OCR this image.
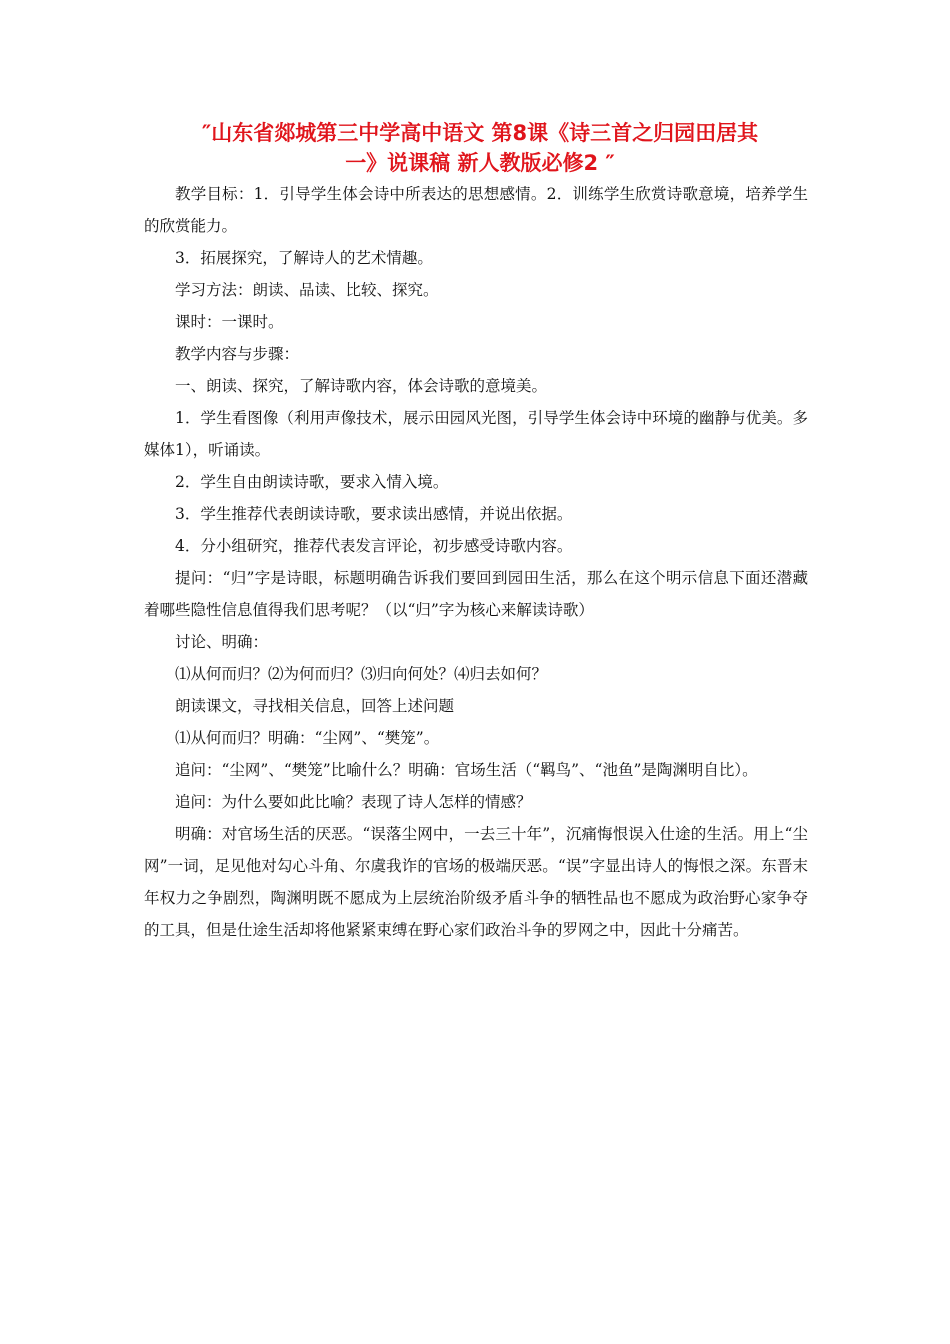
″山东省郯城第三中学高中语文 第8课《诗三首之归园田居其
一》说课稿 新人教版必修2 ″

教学目标：1．引导学生体会诗中所表达的思想感情。2．训练学生欣赏诗歌意境，培养学生的欣赏能力。

3．拓展探究，了解诗人的艺术情趣。

学习方法：朗读、品读、比较、探究。

课时：一课时。

教学内容与步骤：

一、朗读、探究，了解诗歌内容，体会诗歌的意境美。

1．学生看图像（利用声像技术，展示田园风光图，引导学生体会诗中环境的幽静与优美。多媒体1），听诵读。

2．学生自由朗读诗歌，要求入情入境。

3．学生推荐代表朗读诗歌，要求读出感情，并说出依据。

4．分小组研究，推荐代表发言评论，初步感受诗歌内容。

提问：“归”字是诗眼，标题明确告诉我们要回到园田生活，那么在这个明示信息下面还潜藏着哪些隐性信息值得我们思考呢？（以“归”字为核心来解读诗歌）

讨论、明确：

⑴从何而归？⑵为何而归？⑶归向何处？⑷归去如何？

朗读课文，寻找相关信息，回答上述问题

⑴从何而归？明确：“尘网”、“樊笼”。

追问：“尘网”、“樊笼”比喻什么？明确：官场生活（“羁鸟”、“池鱼”是陶渊明自比）。

追问：为什么要如此比喻？表现了诗人怎样的情感？

明确：对官场生活的厌恶。“误落尘网中，一去三十年”，沉痛悔恨误入仕途的生活。用上“尘网”一词，足见他对勾心斗角、尔虞我诈的官场的极端厌恶。“误”字显出诗人的悔恨之深。东晋末年权力之争剧烈，陶渊明既不愿成为上层统治阶级矛盾斗争的牺牲品也不愿成为政治野心家争夺的工具，但是仕途生活却将他紧紧束缚在野心家们政治斗争的罗网之中，因此十分痛苦。
